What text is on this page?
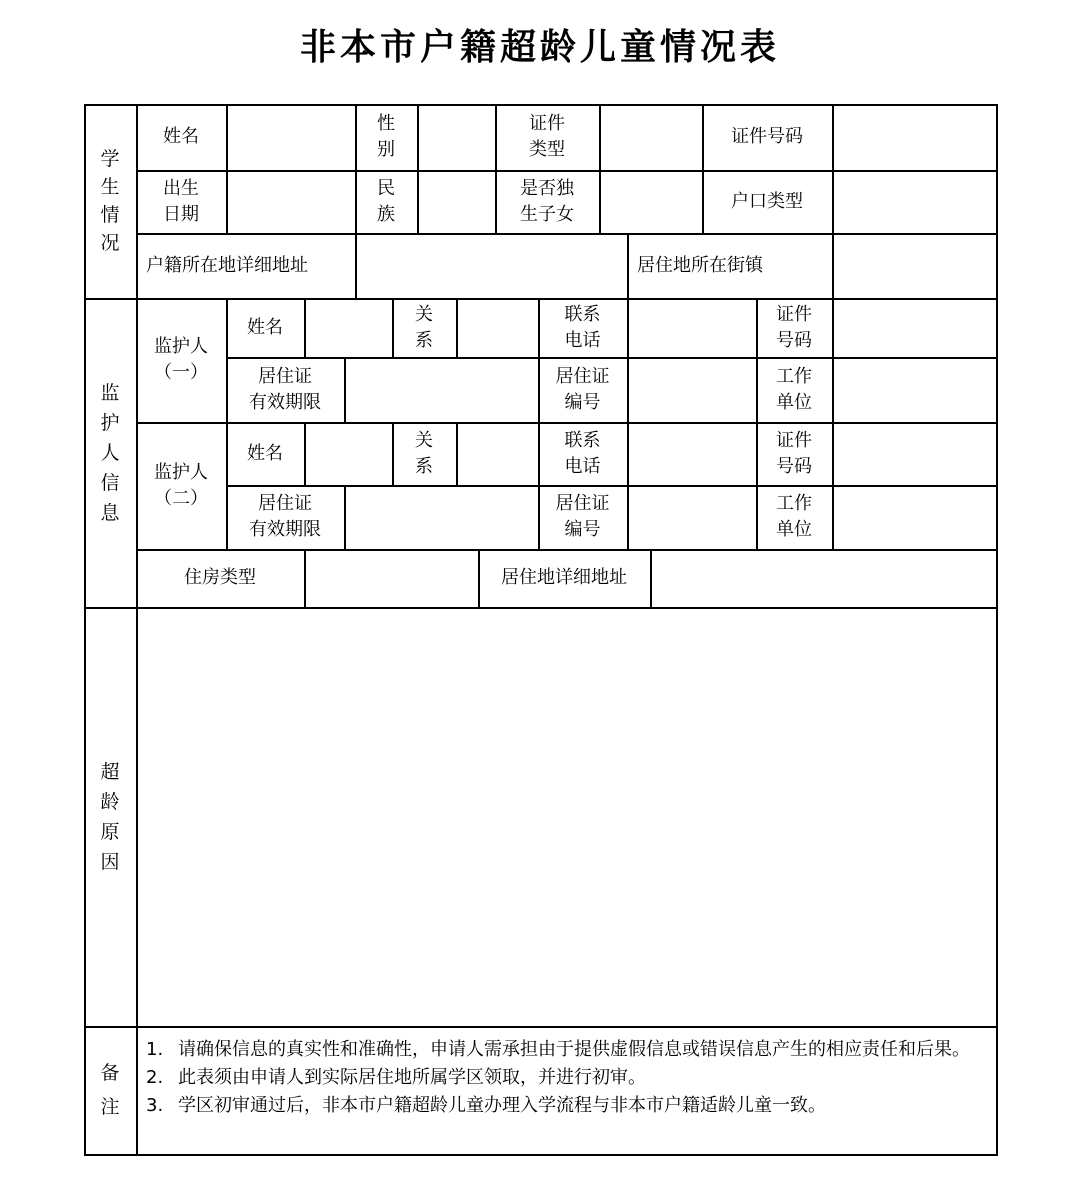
非本市户籍超龄儿童情况表
学生情况
监护人信息
超龄原因
备注
姓名
性
别
证件
类型
证件号码
出生
日期
民
族
是否独
生子女
户口类型
户籍所在地详细地址	居住地所在街镇
监护人
（一）
姓名
关
系
联系
电话
证件
号码
居住证
有效期限
居住证
编号
工作
单位
监护人
（二）
姓名
关
系
联系
电话
证件
号码
居住证
有效期限
居住证
编号
工作
单位
住房类型	居住地详细地址
1. 请确保信息的真实性和准确性，申请人需承担由于提供虚假信息或错误信息产生的相应责任和后果。
2. 此表须由申请人到实际居住地所属学区领取，并进行初审。
3. 学区初审通过后，非本市户籍超龄儿童办理入学流程与非本市户籍适龄儿童一致。
